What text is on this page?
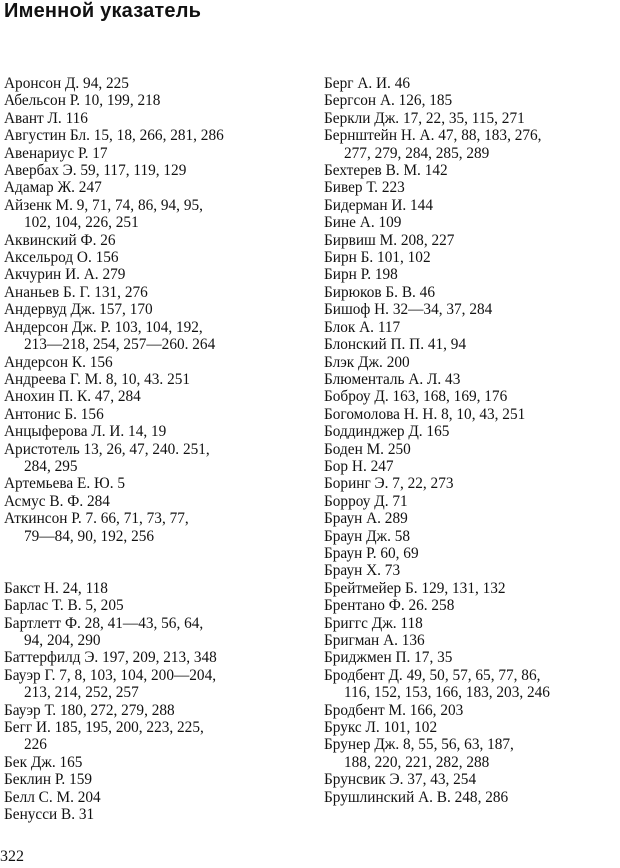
Именной указатель
Аронсон Д. 94, 225
Абельсон Р. 10, 199, 218
Авант Л. 116
Августин Бл. 15, 18, 266, 281, 286
Авенариус Р. 17
Авербах Э. 59, 117, 119, 129
Адамар Ж. 247
Айзенк М. 9, 71, 74, 86, 94, 95,
102, 104, 226, 251
Аквинский Ф. 26
Аксельрод О. 156
Акчурин И. А. 279
Ананьев Б. Г. 131, 276
Андервуд Дж. 157, 170
Андерсон Дж. Р. 103, 104, 192,
213—218, 254, 257—260. 264
Андерсон К. 156
Андреева Г. М. 8, 10, 43. 251
Анохин П. К. 47, 284
Антонис Б. 156
Анцыферова Л. И. 14, 19
Аристотель 13, 26, 47, 240. 251,
284, 295
Артемьева Е. Ю. 5
Асмус В. Ф. 284
Аткинсон Р. 7. 66, 71, 73, 77,
79—84, 90, 192, 256
Бакст Н. 24, 118
Барлас Т. В. 5, 205
Бартлетт Ф. 28, 41—43, 56, 64,
94, 204, 290
Баттерфилд Э. 197, 209, 213, 348
Бауэр Г. 7, 8, 103, 104, 200—204,
213, 214, 252, 257
Бауэр Т. 180, 272, 279, 288
Бегг И. 185, 195, 200, 223, 225,
226
Бек Дж. 165
Беклин Р. 159
Белл С. М. 204
Бенусси В. 31
Берг А. И. 46
Бергсон А. 126, 185
Беркли Дж. 17, 22, 35, 115, 271
Бернштейн Н. А. 47, 88, 183, 276,
277, 279, 284, 285, 289
Бехтерев В. М. 142
Бивер Т. 223
Бидерман И. 144
Бине А. 109
Бирвиш М. 208, 227
Бирн Б. 101, 102
Бирн Р. 198
Бирюков Б. В. 46
Бишоф Н. 32—34, 37, 284
Блок А. 117
Блонский П. П. 41, 94
Блэк Дж. 200
Блюменталь А. Л. 43
Боброу Д. 163, 168, 169, 176
Богомолова Н. Н. 8, 10, 43, 251
Боддинджер Д. 165
Боден М. 250
Бор Н. 247
Боринг Э. 7, 22, 273
Борроу Д. 71
Браун А. 289
Браун Дж. 58
Браун Р. 60, 69
Браун Х. 73
Брейтмейер Б. 129, 131, 132
Брентано Ф. 26. 258
Бриггс Дж. 118
Бригман А. 136
Бриджмен П. 17, 35
Бродбент Д. 49, 50, 57, 65, 77, 86,
116, 152, 153, 166, 183, 203, 246
Бродбент М. 166, 203
Брукс Л. 101, 102
Брунер Дж. 8, 55, 56, 63, 187,
188, 220, 221, 282, 288
Брунсвик Э. 37, 43, 254
Брушлинский А. В. 248, 286
322
